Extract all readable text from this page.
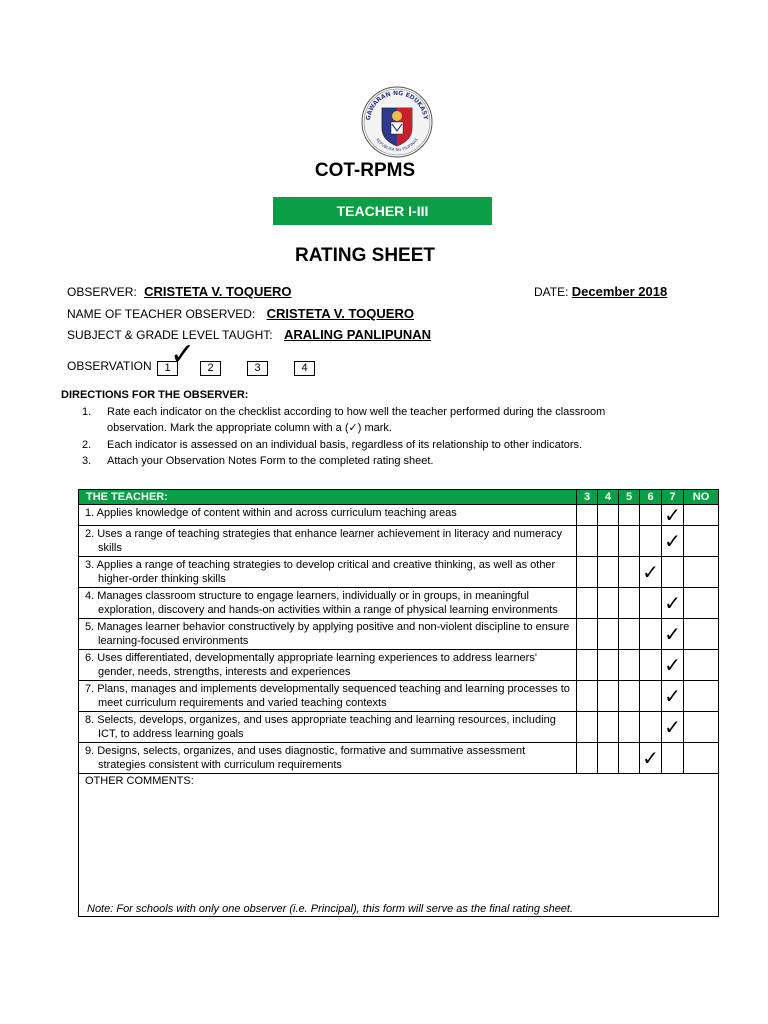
GAWARAN NG EDUKASY
REPUBLIKA NG PILIPINAS
COT-RPMS
TEACHER I-III
RATING SHEET
OBSERVER: CRISTETA V. TOQUERO	DATE: December 2018
NAME OF TEACHER OBSERVED: CRISTETA V. TOQUERO
SUBJECT & GRADE LEVEL TAUGHT: ARALING PANLIPUNAN
OBSERVATION	1 ✓	2	3	4
DIRECTIONS FOR THE OBSERVER:
1. Rate each indicator on the checklist according to how well the teacher performed during the classroom observation. Mark the appropriate column with a (✓) mark.
2. Each indicator is assessed on an individual basis, regardless of its relationship to other indicators.
3. Attach your Observation Notes Form to the completed rating sheet.
THE TEACHER:	3	4	5	6	7	NO

1. Applies knowledge of content within and across curriculum teaching areas					✓	

2. Uses a range of teaching strategies that enhance learner achievement in literacy and numeracy skills					✓	

3. Applies a range of teaching strategies to develop critical and creative thinking, as well as other higher-order thinking skills				✓		

4. Manages classroom structure to engage learners, individually or in groups, in meaningful exploration, discovery and hands-on activities within a range of physical learning environments					✓	

5. Manages learner behavior constructively by applying positive and non-violent discipline to ensure learning-focused environments					✓	

6. Uses differentiated, developmentally appropriate learning experiences to address learners' gender, needs, strengths, interests and experiences					✓	

7. Plans, manages and implements developmentally sequenced teaching and learning processes to meet curriculum requirements and varied teaching contexts					✓	

8. Selects, develops, organizes, and uses appropriate teaching and learning resources, including ICT, to address learning goals					✓	

9. Designs, selects, organizes, and uses diagnostic, formative and summative assessment strategies consistent with curriculum requirements				✓		
OTHER COMMENTS:
Note: For schools with only one observer (i.e. Principal), this form will serve as the final rating sheet.						
